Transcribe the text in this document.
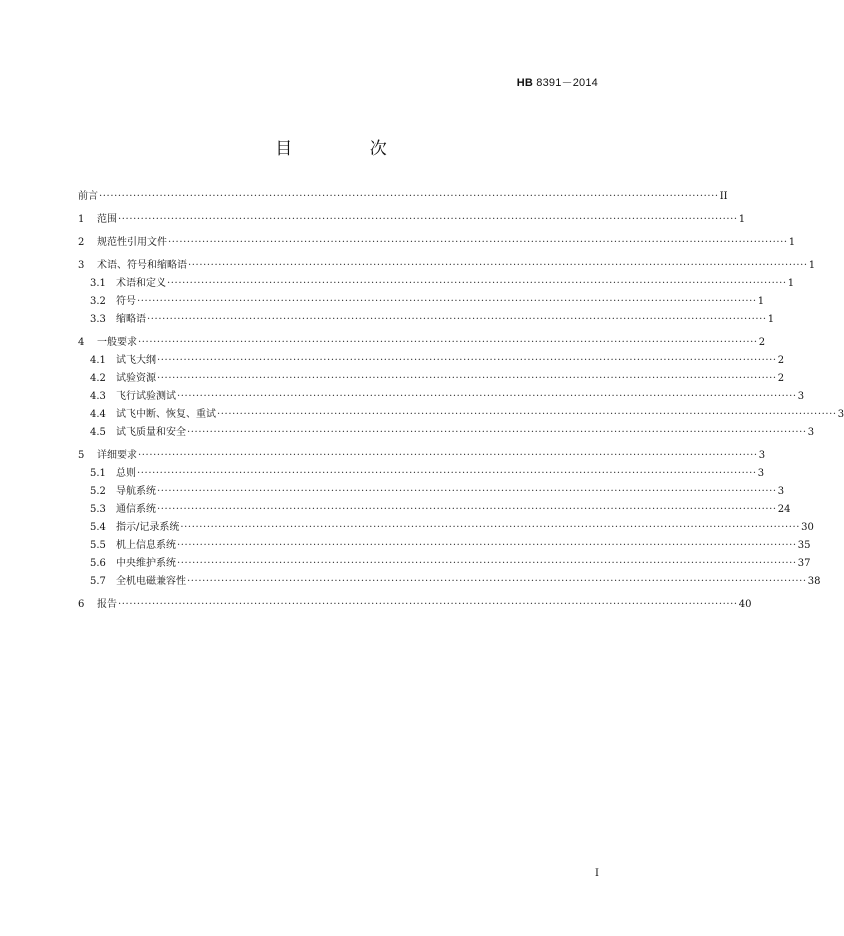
HB 8391－2014
目 次
前言 ···································································································································································· II
1	范围 ···································································································································································· 1
2	规范性引用文件 ···································································································································································· 1
3	术语、符号和缩略语 ···································································································································································· 1
3.1	术语和定义 ···································································································································································· 1
3.2	符号 ···································································································································································· 1
3.3	缩略语 ···································································································································································· 1
4	一般要求 ···································································································································································· 2
4.1	试飞大纲 ···································································································································································· 2
4.2	试验资源 ···································································································································································· 2
4.3	飞行试验测试 ···································································································································································· 3
4.4	试飞中断、恢复、重试 ···································································································································································· 3
4.5	试飞质量和安全 ···································································································································································· 3
5	详细要求 ···································································································································································· 3
5.1	总则 ···································································································································································· 3
5.2	导航系统 ···································································································································································· 3
5.3	通信系统 ···································································································································································· 24
5.4	指示/记录系统 ···································································································································································· 30
5.5	机上信息系统 ···································································································································································· 35
5.6	中央维护系统 ···································································································································································· 37
5.7	全机电磁兼容性 ···································································································································································· 38
6	报告 ···································································································································································· 40
I
